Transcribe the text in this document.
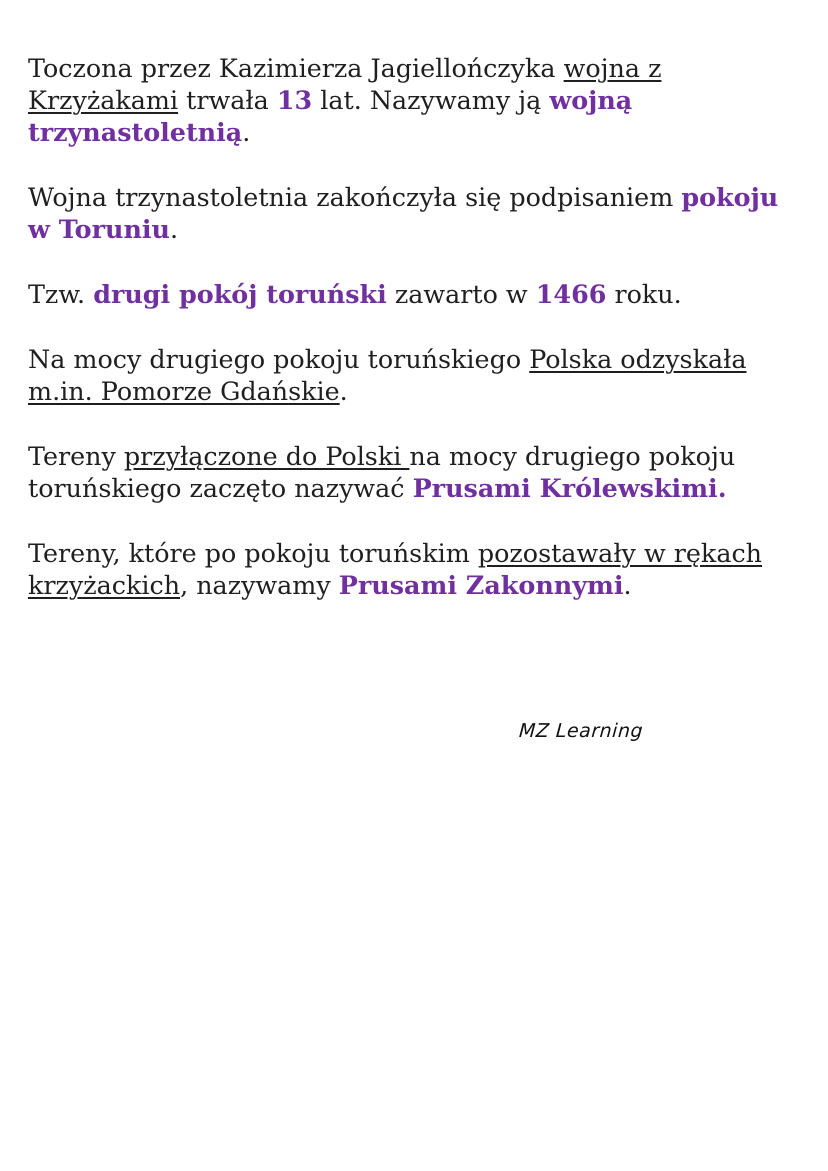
Toczona przez Kazimierza Jagiellończyka wojna z Krzyżakami trwała 13 lat. Nazywamy ją wojną trzynastoletnią.

Wojna trzynastoletnia zakończyła się podpisaniem pokoju w Toruniu.

Tzw. drugi pokój toruński zawarto w 1466 roku.

Na mocy drugiego pokoju toruńskiego Polska odzyskała m.in. Pomorze Gdańskie.

Tereny przyłączone do Polski na mocy drugiego pokoju toruńskiego zaczęto nazywać Prusami Królewskimi.

Tereny, które po pokoju toruńskim pozostawały w rękach krzyżackich, nazywamy Prusami Zakonnymi.

MZ Learning
